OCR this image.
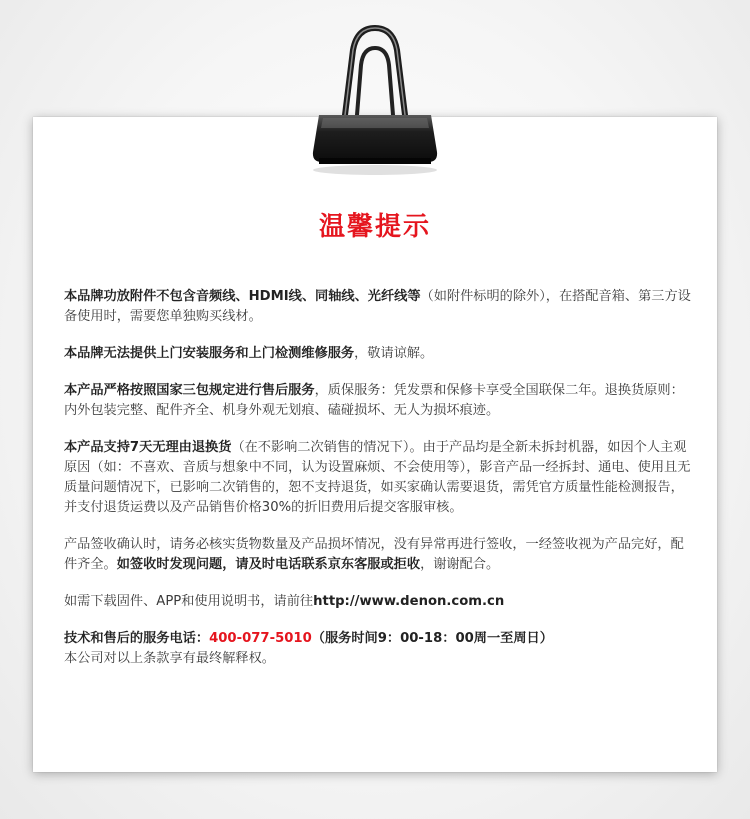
温馨提示

本品牌功放附件不包含音频线、HDMI线、同轴线、光纤线等（如附件标明的除外），在搭配音箱、第三方设备使用时，需要您单独购买线材。

本品牌无法提供上门安装服务和上门检测维修服务，敬请谅解。

本产品严格按照国家三包规定进行售后服务，质保服务：凭发票和保修卡享受全国联保二年。退换货原则：内外包装完整、配件齐全、机身外观无划痕、磕碰损坏、无人为损坏痕迹。

本产品支持7天无理由退换货（在不影响二次销售的情况下）。由于产品均是全新未拆封机器，如因个人主观原因（如：不喜欢、音质与想象中不同，认为设置麻烦、不会使用等），影音产品一经拆封、通电、使用且无质量问题情况下，已影响二次销售的，恕不支持退货，如买家确认需要退货，需凭官方质量性能检测报告，并支付退货运费以及产品销售价格30%的折旧费用后提交客服审核。

产品签收确认时，请务必核实货物数量及产品损坏情况，没有异常再进行签收，一经签收视为产品完好，配件齐全。如签收时发现问题，请及时电话联系京东客服或拒收，谢谢配合。

如需下载固件、APP和使用说明书，请前往http://www.denon.com.cn

技术和售后的服务电话：400-077-5010（服务时间9：00-18：00周一至周日）
本公司对以上条款享有最终解释权。
